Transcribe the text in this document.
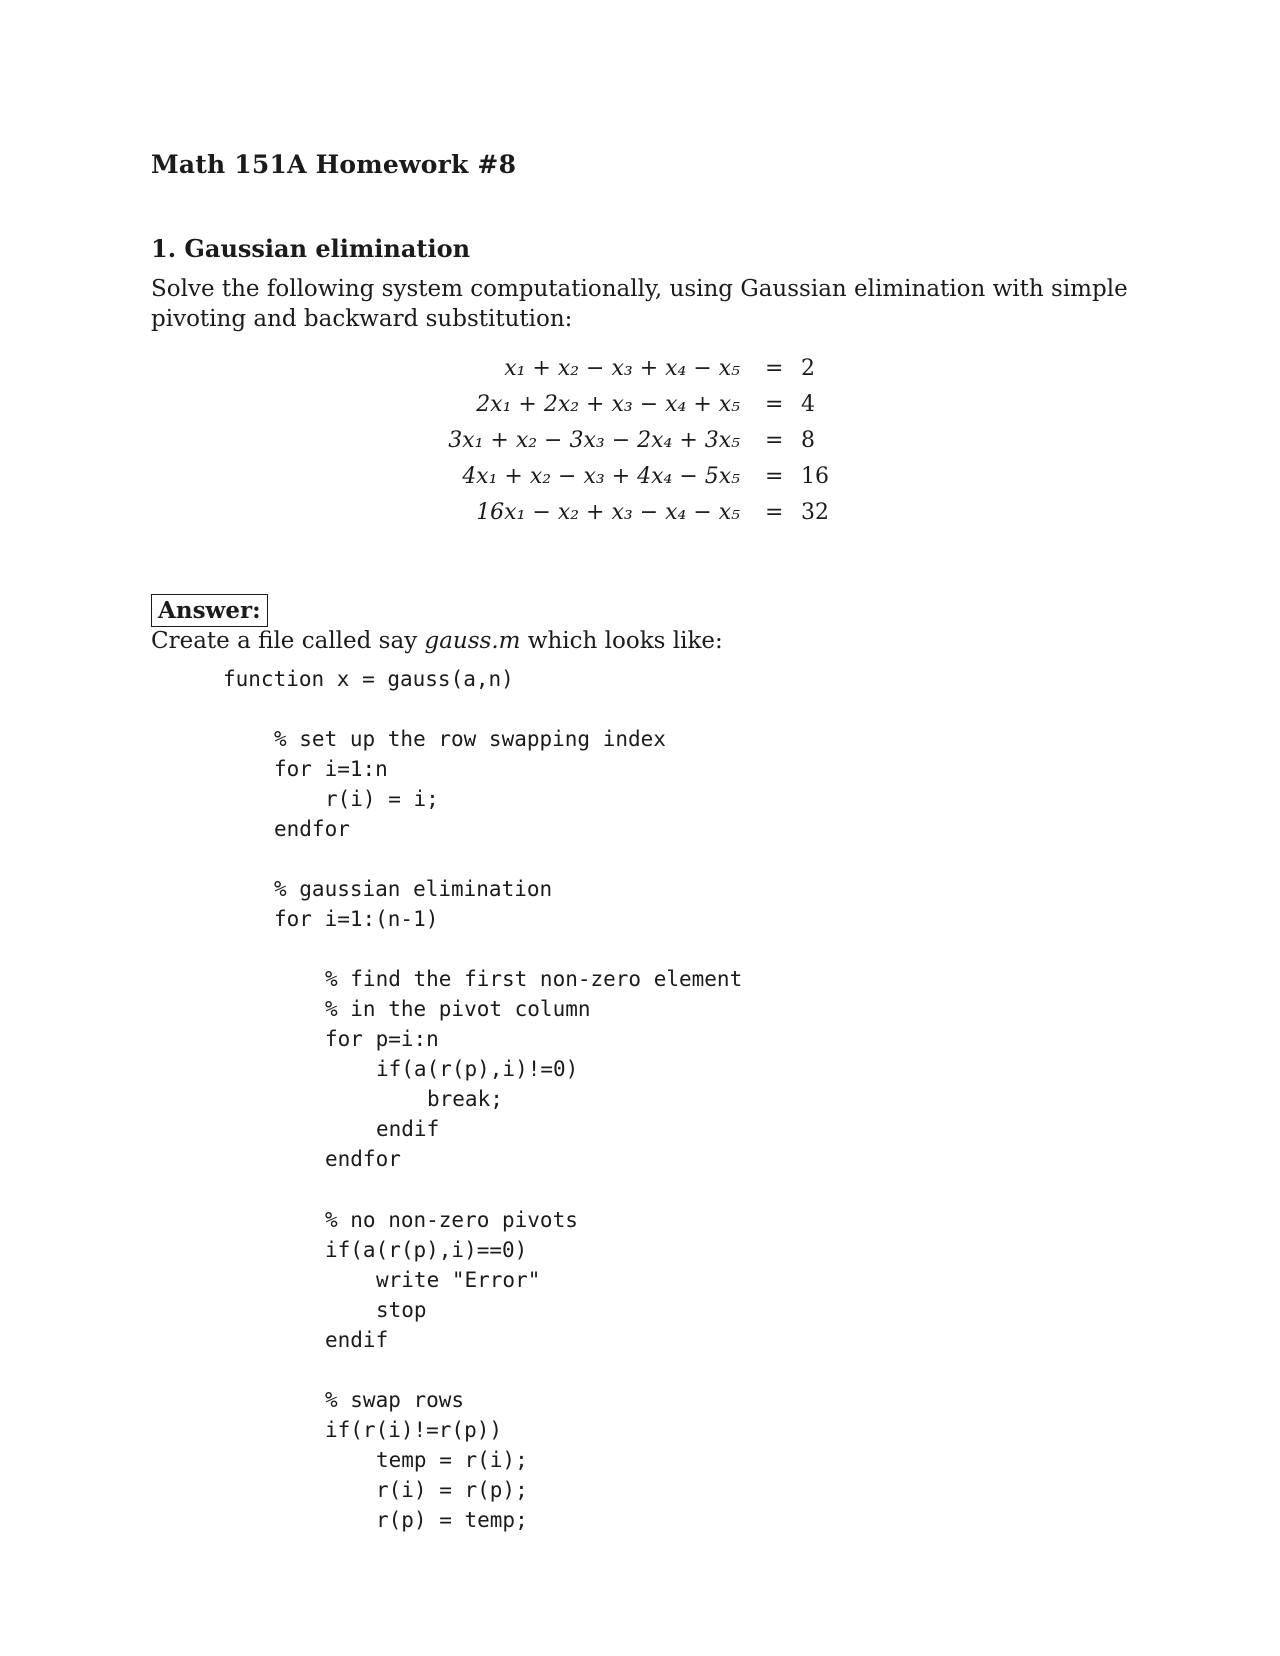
Math 151A Homework #8
1. Gaussian elimination
Solve the following system computationally, using Gaussian elimination with simple pivoting and backward substitution:
x₁ + x₂ − x₃ + x₄ − x₅ = 2
2x₁ + 2x₂ + x₃ − x₄ + x₅ = 4
3x₁ + x₂ − 3x₃ − 2x₄ + 3x₅ = 8
4x₁ + x₂ − x₃ + 4x₄ − 5x₅ = 16
16x₁ − x₂ + x₃ − x₄ − x₅ = 32
Answer:
Create a file called say gauss.m which looks like:
function x = gauss(a,n)
% set up the row swapping index
for i=1:n
r(i) = i;
endfor
% gaussian elimination
for i=1:(n-1)
% find the first non-zero element
% in the pivot column
for p=i:n
if(a(r(p),i)!=0)
break;
endif
endfor
% no non-zero pivots
if(a(r(p),i)==0)
write "Error"
stop
endif
% swap rows
if(r(i)!=r(p))
temp = r(i);
r(i) = r(p);
r(p) = temp;
